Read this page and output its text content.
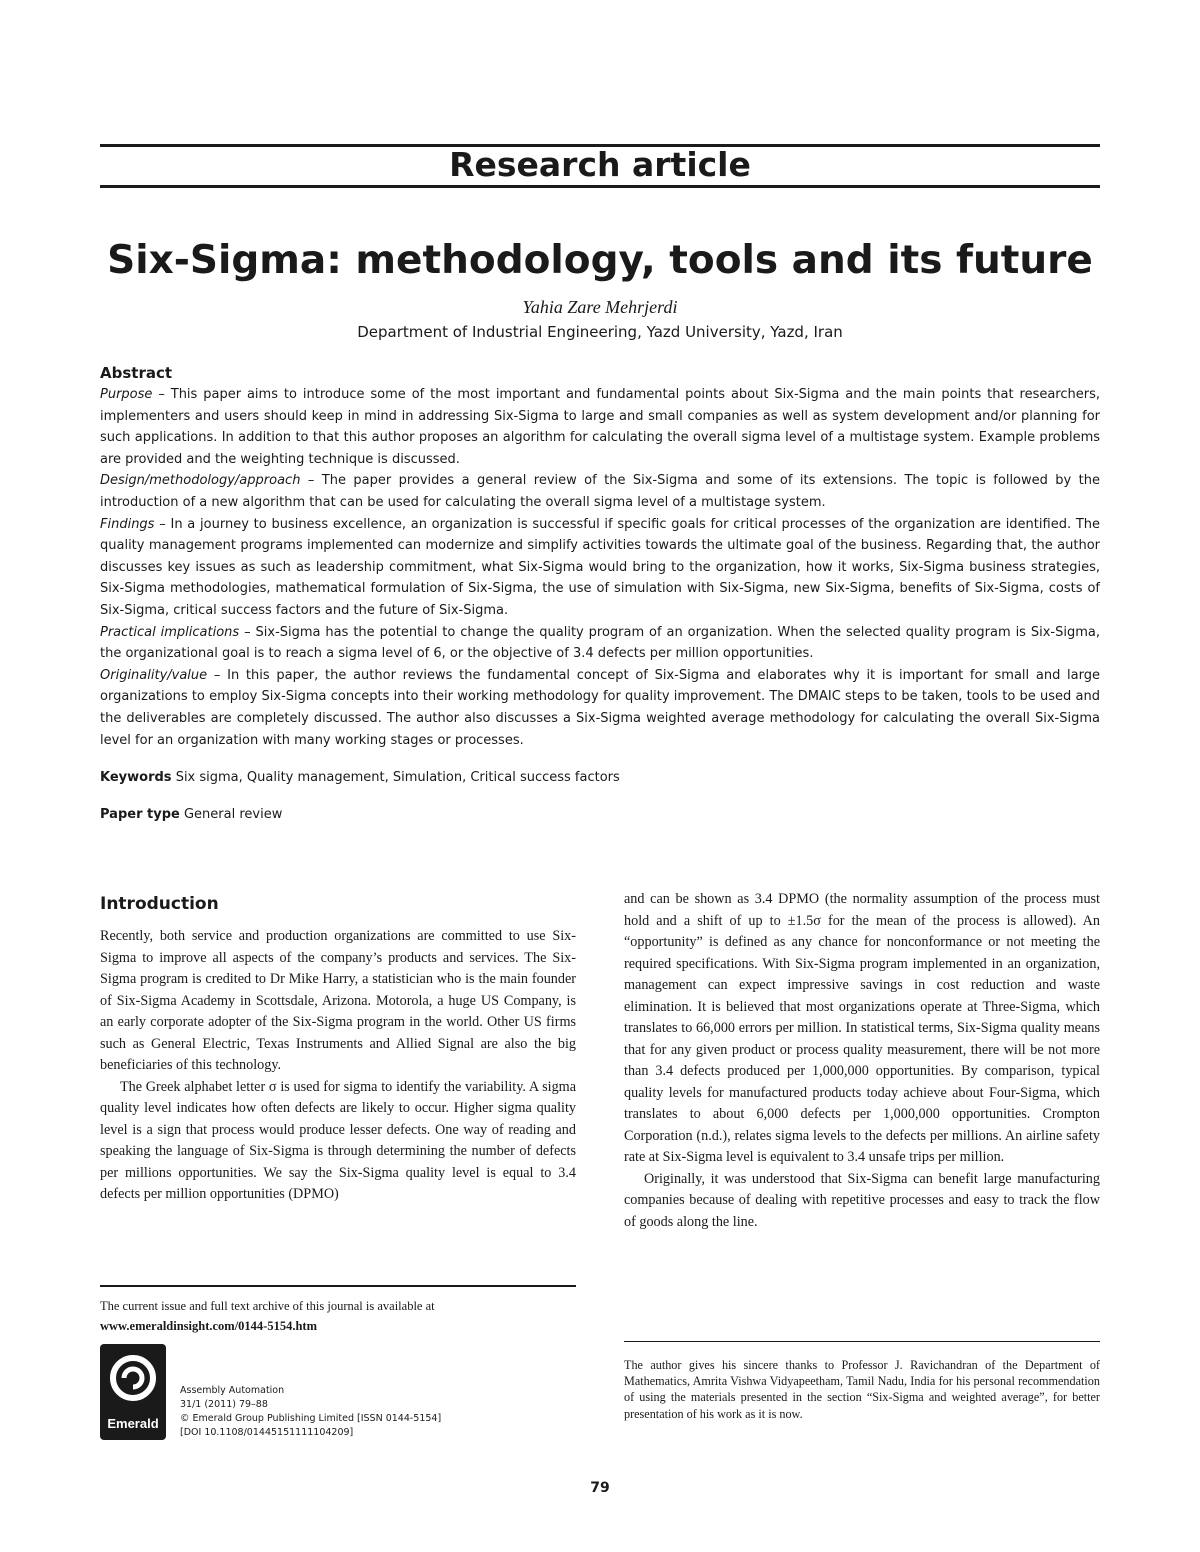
Research article
Six-Sigma: methodology, tools and its future
Yahia Zare Mehrjerdi
Department of Industrial Engineering, Yazd University, Yazd, Iran
Abstract

Purpose – This paper aims to introduce some of the most important and fundamental points about Six-Sigma and the main points that researchers, implementers and users should keep in mind in addressing Six-Sigma to large and small companies as well as system development and/or planning for such applications. In addition to that this author proposes an algorithm for calculating the overall sigma level of a multistage system. Example problems are provided and the weighting technique is discussed.

Design/methodology/approach – The paper provides a general review of the Six-Sigma and some of its extensions. The topic is followed by the introduction of a new algorithm that can be used for calculating the overall sigma level of a multistage system.

Findings – In a journey to business excellence, an organization is successful if specific goals for critical processes of the organization are identified. The quality management programs implemented can modernize and simplify activities towards the ultimate goal of the business. Regarding that, the author discusses key issues as such as leadership commitment, what Six-Sigma would bring to the organization, how it works, Six-Sigma business strategies, Six-Sigma methodologies, mathematical formulation of Six-Sigma, the use of simulation with Six-Sigma, new Six-Sigma, benefits of Six-Sigma, costs of Six-Sigma, critical success factors and the future of Six-Sigma.

Practical implications – Six-Sigma has the potential to change the quality program of an organization. When the selected quality program is Six-Sigma, the organizational goal is to reach a sigma level of 6, or the objective of 3.4 defects per million opportunities.

Originality/value – In this paper, the author reviews the fundamental concept of Six-Sigma and elaborates why it is important for small and large organizations to employ Six-Sigma concepts into their working methodology for quality improvement. The DMAIC steps to be taken, tools to be used and the deliverables are completely discussed. The author also discusses a Six-Sigma weighted average methodology for calculating the overall Six-Sigma level for an organization with many working stages or processes.

Keywords Six sigma, Quality management, Simulation, Critical success factors
Paper type General review
Introduction

Recently, both service and production organizations are committed to use Six-Sigma to improve all aspects of the company’s products and services. The Six-Sigma program is credited to Dr Mike Harry, a statistician who is the main founder of Six-Sigma Academy in Scottsdale, Arizona. Motorola, a huge US Company, is an early corporate adopter of the Six-Sigma program in the world. Other US firms such as General Electric, Texas Instruments and Allied Signal are also the big beneficiaries of this technology.

The Greek alphabet letter σ is used for sigma to identify the variability. A sigma quality level indicates how often defects are likely to occur. Higher sigma quality level is a sign that process would produce lesser defects. One way of reading and speaking the language of Six-Sigma is through determining the number of defects per millions opportunities. We say the Six-Sigma quality level is equal to 3.4 defects per million opportunities (DPMO)

and can be shown as 3.4 DPMO (the normality assumption of the process must hold and a shift of up to ±1.5σ for the mean of the process is allowed). An “opportunity” is defined as any chance for nonconformance or not meeting the required specifications. With Six-Sigma program implemented in an organization, management can expect impressive savings in cost reduction and waste elimination. It is believed that most organizations operate at Three-Sigma, which translates to 66,000 errors per million. In statistical terms, Six-Sigma quality means that for any given product or process quality measurement, there will be not more than 3.4 defects produced per 1,000,000 opportunities. By comparison, typical quality levels for manufactured products today achieve about Four-Sigma, which translates to about 6,000 defects per 1,000,000 opportunities. Crompton Corporation (n.d.), relates sigma levels to the defects per millions. An airline safety rate at Six-Sigma level is equivalent to 3.4 unsafe trips per million.

Originally, it was understood that Six-Sigma can benefit large manufacturing companies because of dealing with repetitive processes and easy to track the flow of goods along the line.

The current issue and full text archive of this journal is available at
www.emeraldinsight.com/0144-5154.htm
Emerald
Assembly Automation
31/1 (2011) 79–88
© Emerald Group Publishing Limited [ISSN 0144-5154]
[DOI 10.1108/01445151111104209]
The author gives his sincere thanks to Professor J. Ravichandran of the Department of Mathematics, Amrita Vishwa Vidyapeetham, Tamil Nadu, India for his personal recommendation of using the materials presented in the section “Six-Sigma and weighted average”, for better presentation of his work as it is now.
79
